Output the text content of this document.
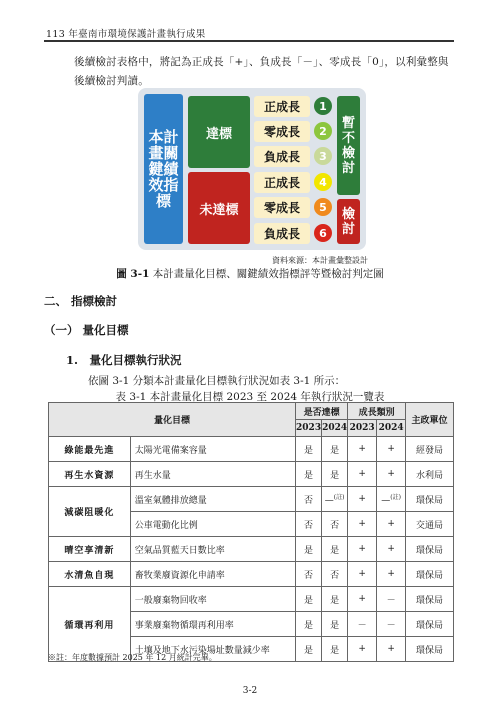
113 年臺南市環境保護計畫執行成果
後續檢討表格中，將記為正成長「+」、負成長「－」、零成長「0」，以利彙整與後續檢討判讀。
本計畫關鍵績效指標
達標
未達標
正成長
零成長
負成長
正成長
零成長
負成長
1
2
3
4
5
6
暫不檢討
檢討
資料來源：本計畫彙整設計
圖 3-1 本計畫量化目標、關鍵績效指標評等暨檢討判定圖
二、 指標檢討
（一） 量化目標
1.　量化目標執行狀況
依圖 3-1 分類本計畫量化目標執行狀況如表 3-1 所示：
表 3-1 本計畫量化目標 2023 至 2024 年執行狀況一覽表
量化目標		是否達標		成長類別		主政單位
		2023	2024	2023	2024	
綠能最先進	太陽光電備案容量	是	是	+	+	經發局
再生水資源	再生水量	是	是	+	+	水利局
減碳阻暖化	溫室氣體排放總量	否	—$^{(註)}$	+	—$^{(註)}$	環保局
	公車電動化比例	否	否	+	+	交通局
晴空享清新	空氣品質藍天日數比率	是	是	+	+	環保局
水清魚自現	畜牧業廢資源化申請率	否	否	+	+	環保局
循環再利用	一般廢棄物回收率	是	是	+	－	環保局
	事業廢棄物循環再利用率	是	是	－	－	環保局
	土壤及地下水污染場址數量減少率	是	是	+	+	環保局
※註：年度數據預計 2025 年 12 月統計完畢。
3-2
